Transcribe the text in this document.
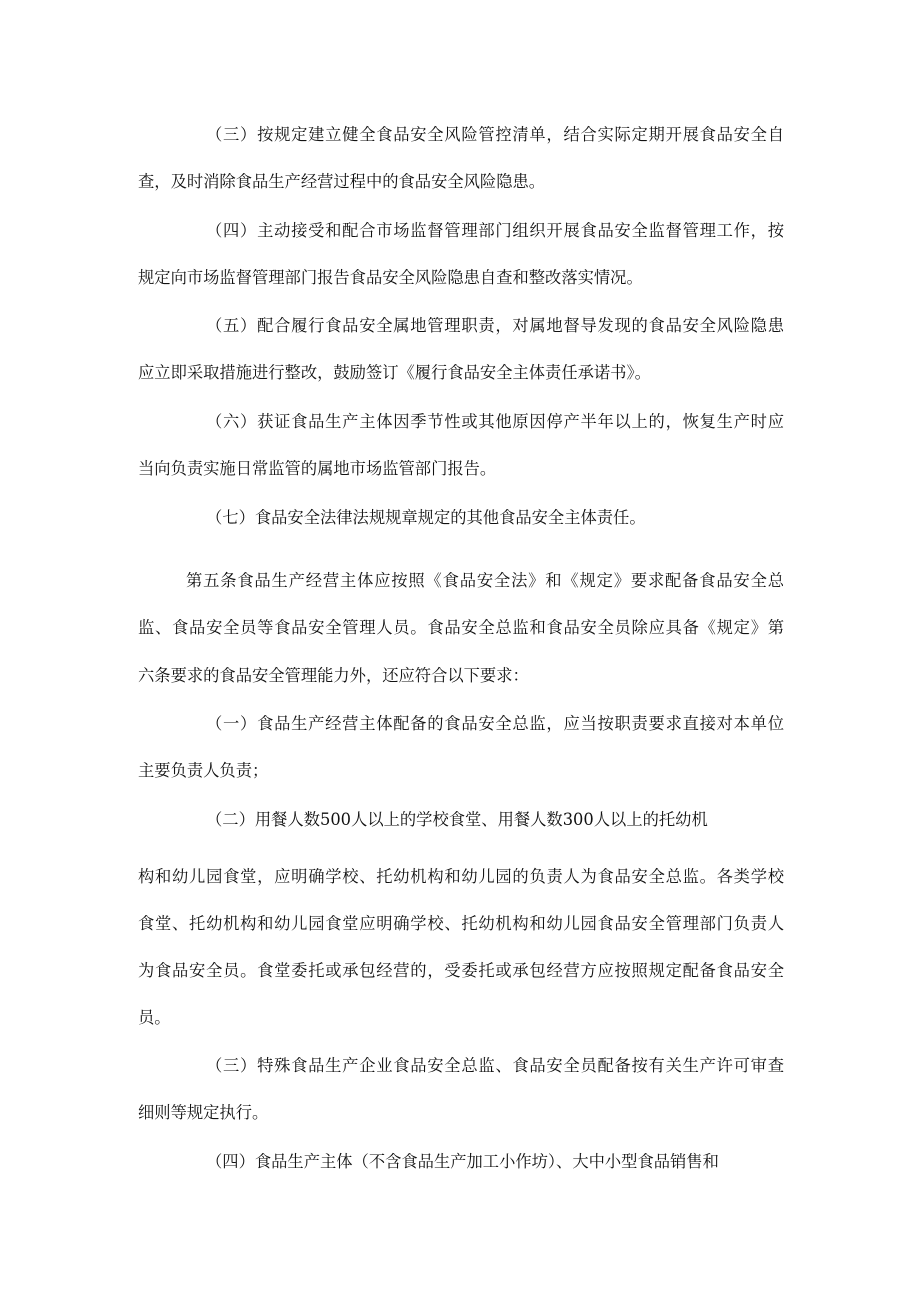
（三）按规定建立健全食品安全风险管控清单，结合实际定期开展食品安全自
查，及时消除食品生产经营过程中的食品安全风险隐患。
（四）主动接受和配合市场监督管理部门组织开展食品安全监督管理工作，按
规定向市场监督管理部门报告食品安全风险隐患自查和整改落实情况。
（五）配合履行食品安全属地管理职责，对属地督导发现的食品安全风险隐患
应立即采取措施进行整改，鼓励签订《履行食品安全主体责任承诺书》。
（六）获证食品生产主体因季节性或其他原因停产半年以上的，恢复生产时应
当向负责实施日常监管的属地市场监管部门报告。
（七）食品安全法律法规规章规定的其他食品安全主体责任。
第五条食品生产经营主体应按照《食品安全法》和《规定》要求配备食品安全总
监、食品安全员等食品安全管理人员。食品安全总监和食品安全员除应具备《规定》第
六条要求的食品安全管理能力外，还应符合以下要求：
（一）食品生产经营主体配备的食品安全总监，应当按职责要求直接对本单位
主要负责人负责；
（二）用餐人数500人以上的学校食堂、用餐人数300人以上的托幼机
构和幼儿园食堂，应明确学校、托幼机构和幼儿园的负责人为食品安全总监。各类学校
食堂、托幼机构和幼儿园食堂应明确学校、托幼机构和幼儿园食品安全管理部门负责人
为食品安全员。食堂委托或承包经营的，受委托或承包经营方应按照规定配备食品安全
员。
（三）特殊食品生产企业食品安全总监、食品安全员配备按有关生产许可审查
细则等规定执行。
（四）食品生产主体（不含食品生产加工小作坊）、大中小型食品销售和
